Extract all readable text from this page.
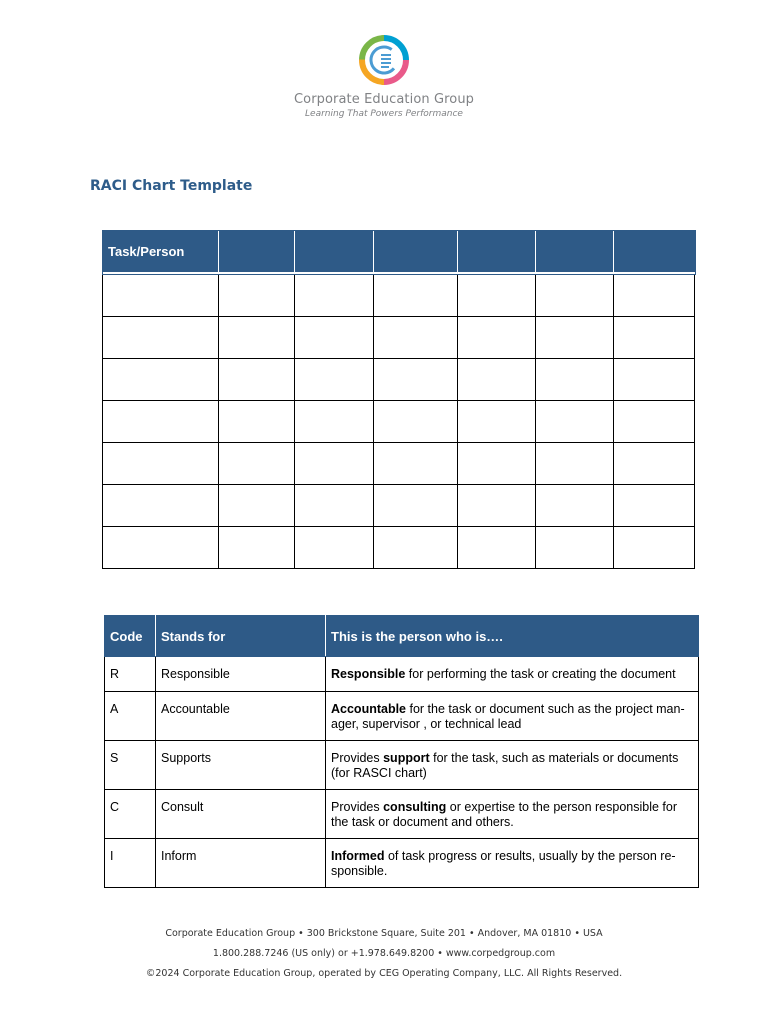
Corporate Education Group
Learning That Powers Performance
RACI Chart Template
Task/Person						

Code	Stands for	This is the person who is….
R	Responsible	Responsible for performing the task or creating the document
A	Accountable	Accountable for the task or document such as the project man- ager, supervisor , or technical lead
S	Supports	Provides support for the task, such as materials or documents (for RASCI chart)
C	Consult	Provides consulting or expertise to the person responsible for the task or document and others.
I	Inform	Informed of task progress or results, usually by the person re- sponsible.
Corporate Education Group • 300 Brickstone Square, Suite 201 • Andover, MA 01810 • USA
1.800.288.7246 (US only) or +1.978.649.8200 • www.corpedgroup.com
©2024 Corporate Education Group, operated by CEG Operating Company, LLC. All Rights Reserved.
